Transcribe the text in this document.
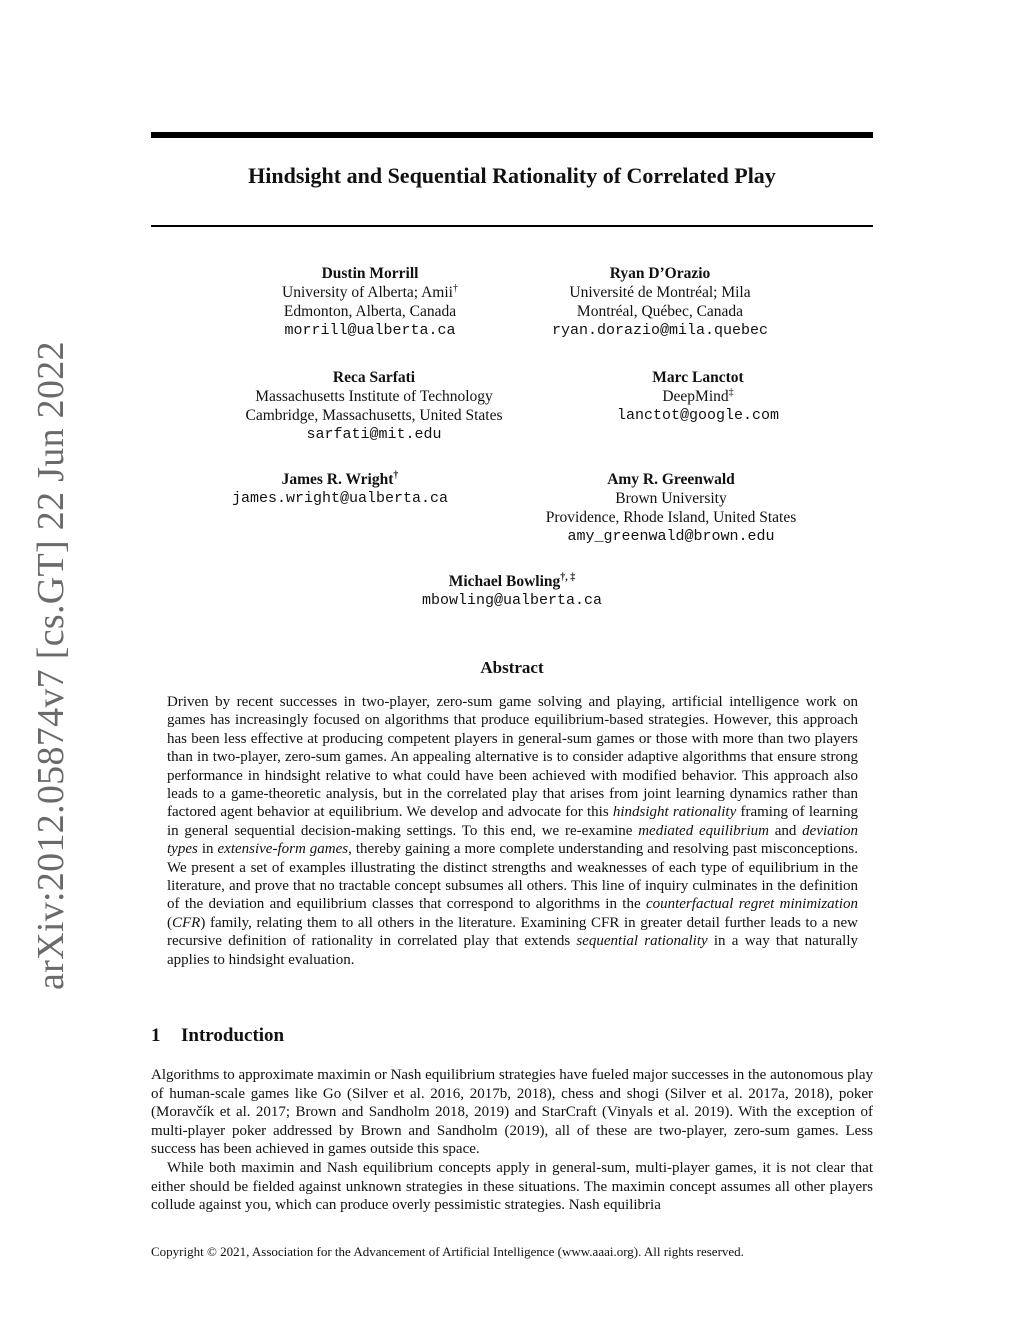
arXiv:2012.05874v7 [cs.GT] 22 Jun 2022
Hindsight and Sequential Rationality of Correlated Play
Dustin Morrill
University of Alberta; Amii†
Edmonton, Alberta, Canada
morrill@ualberta.ca
Ryan D’Orazio
Université de Montréal; Mila
Montréal, Québec, Canada
ryan.dorazio@mila.quebec
Reca Sarfati
Massachusetts Institute of Technology
Cambridge, Massachusetts, United States
sarfati@mit.edu
Marc Lanctot
DeepMind‡
lanctot@google.com
James R. Wright†
james.wright@ualberta.ca
Amy R. Greenwald
Brown University
Providence, Rhode Island, United States
amy_greenwald@brown.edu
Michael Bowling†, ‡
mbowling@ualberta.ca
Abstract
Driven by recent successes in two-player, zero-sum game solving and playing, artificial intelligence work on games has increasingly focused on algorithms that produce equilibrium-based strategies. However, this approach has been less effective at producing competent players in general-sum games or those with more than two players than in two-player, zero-sum games. An appealing alternative is to consider adaptive algorithms that ensure strong performance in hindsight relative to what could have been achieved with modified behavior. This approach also leads to a game-theoretic analysis, but in the correlated play that arises from joint learning dynamics rather than factored agent behavior at equilibrium. We develop and advocate for this hindsight rationality framing of learning in general sequential decision-making settings. To this end, we re-examine mediated equilibrium and deviation types in extensive-form games, thereby gaining a more complete understanding and resolving past misconceptions. We present a set of examples illustrating the distinct strengths and weaknesses of each type of equilibrium in the literature, and prove that no tractable concept subsumes all others. This line of inquiry culminates in the definition of the deviation and equilibrium classes that correspond to algorithms in the counterfactual regret minimization (CFR) family, relating them to all others in the literature. Examining CFR in greater detail further leads to a new recursive definition of rationality in correlated play that extends sequential rationality in a way that naturally applies to hindsight evaluation.
1 Introduction

Algorithms to approximate maximin or Nash equilibrium strategies have fueled major successes in the autonomous play of human-scale games like Go (Silver et al. 2016, 2017b, 2018), chess and shogi (Silver et al. 2017a, 2018), poker (Moravčík et al. 2017; Brown and Sandholm 2018, 2019) and StarCraft (Vinyals et al. 2019). With the exception of multi-player poker addressed by Brown and Sandholm (2019), all of these are two-player, zero-sum games. Less success has been achieved in games outside this space.

While both maximin and Nash equilibrium concepts apply in general-sum, multi-player games, it is not clear that either should be fielded against unknown strategies in these situations. The maximin concept assumes all other players collude against you, which can produce overly pessimistic strategies. Nash equilibria

Copyright © 2021, Association for the Advancement of Artificial Intelligence (www.aaai.org). All rights reserved.
